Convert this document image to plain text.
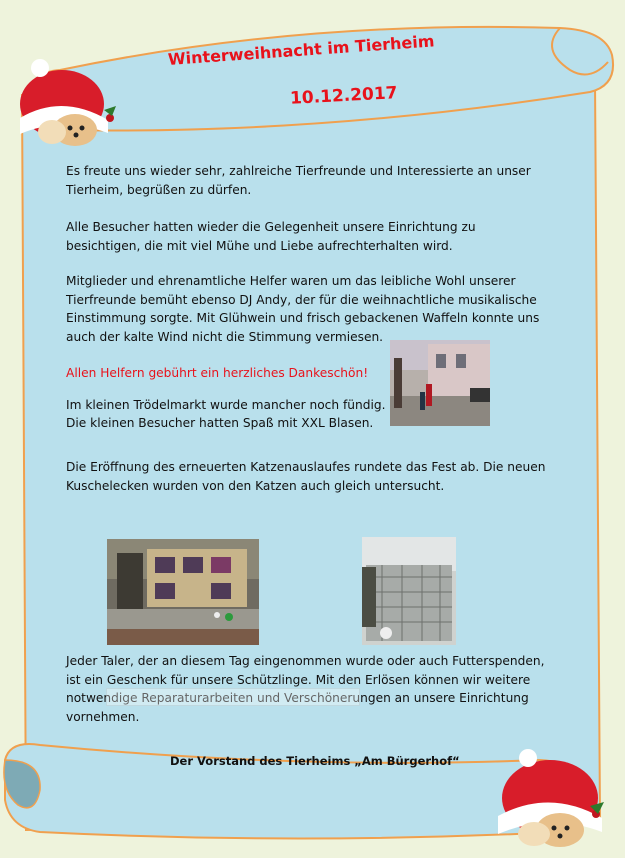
Winterweihnacht im Tierheim
10.12.2017
Es freute uns wieder sehr, zahlreiche Tierfreunde und Interessierte an unser Tierheim, begrüßen zu dürfen.
Alle Besucher hatten wieder die Gelegenheit unsere Einrichtung zu besichtigen, die mit viel Mühe und Liebe aufrechterhalten wird.
Mitglieder und ehrenamtliche Helfer waren um das leibliche Wohl unserer Tierfreunde bemüht ebenso DJ Andy, der für die weihnachtliche musikalische Einstimmung sorgte. Mit Glühwein und frisch gebackenen Waffeln konnte uns auch der kalte Wind nicht die Stimmung vermiesen.
Allen Helfern gebührt ein herzliches Dankeschön!
Im kleinen Trödelmarkt wurde mancher noch fündig.
Die kleinen Besucher hatten Spaß mit XXL Blasen.
Die Eröffnung des erneuerten Katzenauslaufes rundete das Fest ab. Die neuen Kuschelecken wurden von den Katzen auch gleich untersucht.
Jeder Taler, der an diesem Tag eingenommen wurde oder auch Futterspenden, ist ein Geschenk für unsere Schützlinge. Mit den Erlösen können wir weitere notwendige Reparaturarbeiten und Verschönerungen an unsere Einrichtung vornehmen.
Der Vorstand des Tierheims „Am Bürgerhof“
